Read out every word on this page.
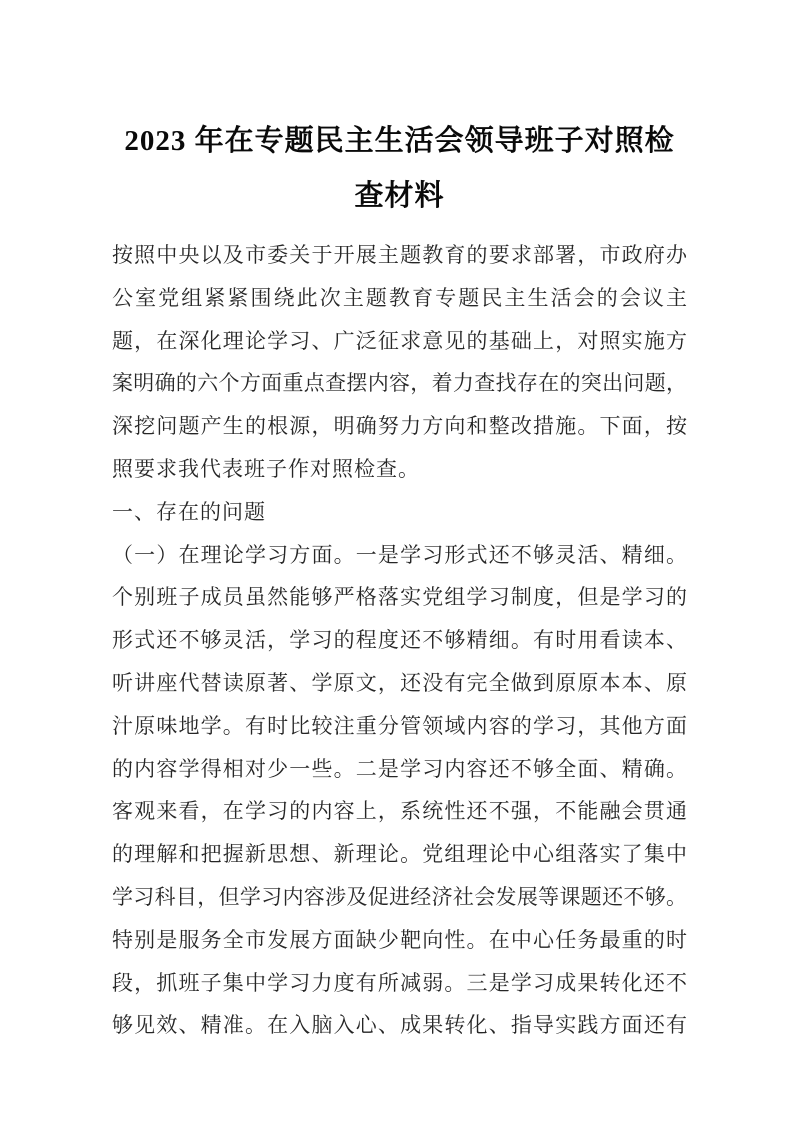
2023 年在专题民主生活会领导班子对照检
查材料
按照中央以及市委关于开展主题教育的要求部署，市政府办
公室党组紧紧围绕此次主题教育专题民主生活会的会议主
题，在深化理论学习、广泛征求意见的基础上，对照实施方
案明确的六个方面重点查摆内容，着力查找存在的突出问题，
深挖问题产生的根源，明确努力方向和整改措施。下面，按
照要求我代表班子作对照检查。
一、存在的问题
（一）在理论学习方面。一是学习形式还不够灵活、精细。
个别班子成员虽然能够严格落实党组学习制度，但是学习的
形式还不够灵活，学习的程度还不够精细。有时用看读本、
听讲座代替读原著、学原文，还没有完全做到原原本本、原
汁原味地学。有时比较注重分管领域内容的学习，其他方面
的内容学得相对少一些。二是学习内容还不够全面、精确。
客观来看，在学习的内容上，系统性还不强，不能融会贯通
的理解和把握新思想、新理论。党组理论中心组落实了集中
学习科目，但学习内容涉及促进经济社会发展等课题还不够。
特别是服务全市发展方面缺少靶向性。在中心任务最重的时
段，抓班子集中学习力度有所减弱。三是学习成果转化还不
够见效、精准。在入脑入心、成果转化、指导实践方面还有
